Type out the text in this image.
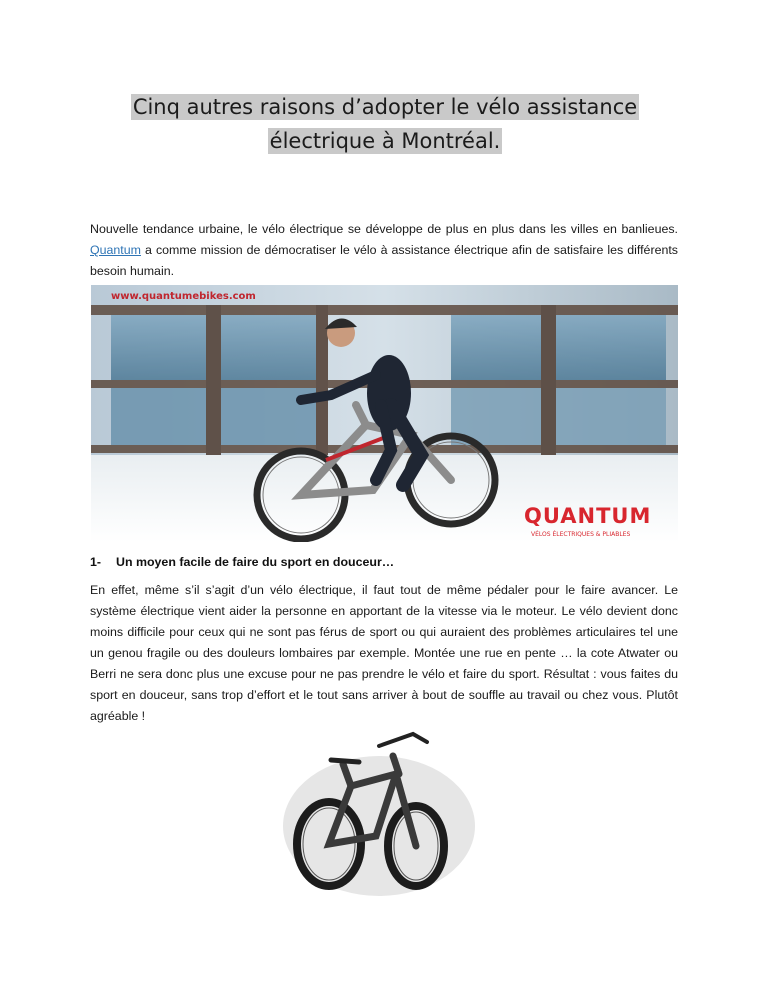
Cinq autres raisons d’adopter le vélo assistance
électrique à Montréal.

Nouvelle tendance urbaine, le vélo électrique se développe de plus en plus dans les villes en banlieues. Quantum a comme mission de démocratiser le vélo à assistance électrique afin de satisfaire les différents besoin humain.

www.quantumebikes.com
QUANTUM
VÉLOS ÉLECTRIQUES & PLIABLES
1- Un moyen facile de faire du sport en douceur…

En effet, même s’il s’agit d’un vélo électrique, il faut tout de même pédaler pour le faire avancer. Le système électrique vient aider la personne en apportant de la vitesse via le moteur. Le vélo devient donc moins difficile pour ceux qui ne sont pas férus de sport ou qui auraient des problèmes articulaires tel une un genou fragile ou des douleurs lombaires par exemple. Montée une rue en pente … la cote Atwater ou Berri ne sera donc plus une excuse pour ne pas prendre le vélo et faire du sport. Résultat : vous faites du sport en douceur, sans trop d’effort et le tout sans arriver à bout de souffle au travail ou chez vous. Plutôt agréable !
